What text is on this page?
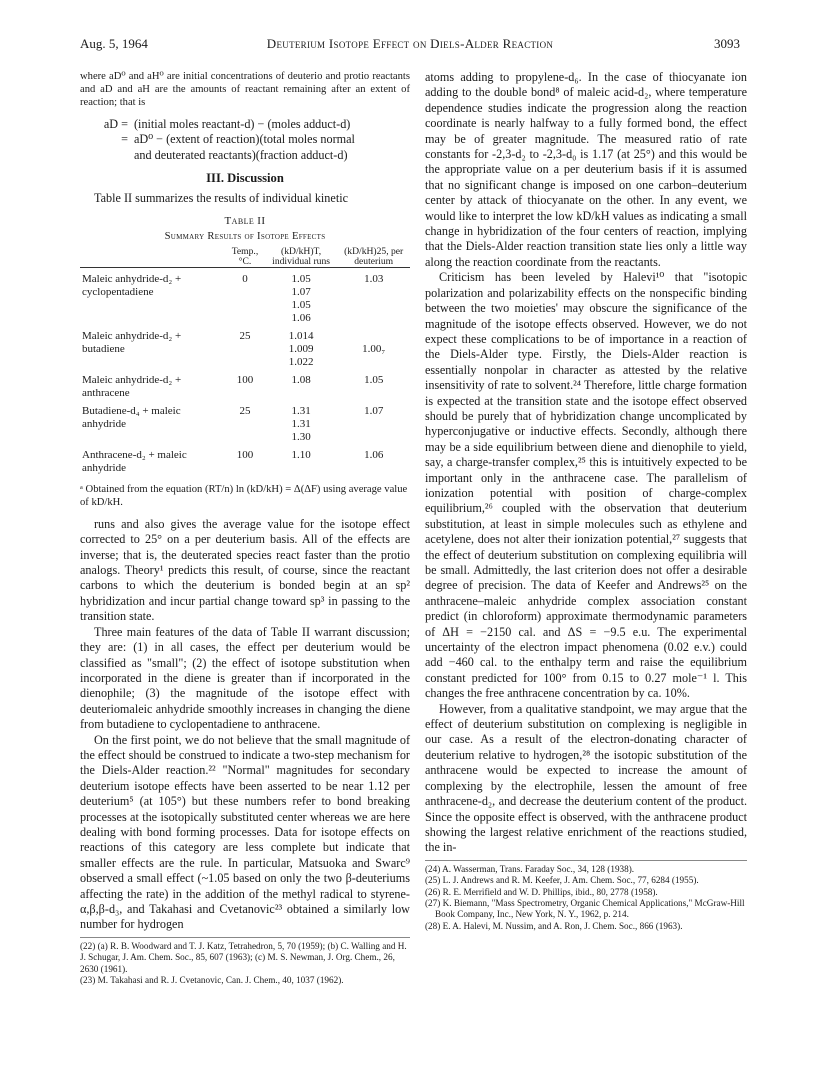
Aug. 5, 1964	Deuterium Isotope Effect on Diels-Alder Reaction	3093

where aD⁰ and aH⁰ are initial concentrations of deuterio and protio reactants and aD and aH are the amounts of reactant remaining after an extent of reaction; that is

aD = (initial moles reactant-d) − (moles adduct-d)
= aD⁰ − (extent of reaction)(total moles normal
and deuterated reactants)(fraction adduct-d)
III. Discussion

Table II summarizes the results of individual kinetic

Table II
Summary Results of Isotope Effects
	Temp., °C.	(kD/kH)T, individual runs	(kD/kH)25, per deuterium
Maleic anhydride-d₂ +	0	1.05	1.03
cyclopentadiene		1.07	
		1.05	
		1.06	
Maleic anhydride-d₂ +	25	1.014	
butadiene		1.009	1.00₇
		1.022	
Maleic anhydride-d₂ +	100	1.08	1.05
anthracene			
Butadiene-d₄ + maleic	25	1.31	1.07
anhydride		1.31	
		1.30	
Anthracene-d₂ + maleic	100	1.10	1.06
anhydride			
ᵃ Obtained from the equation (RT/n) ln (kD/kH) = Δ(ΔF) using average value of kD/kH.

runs and also gives the average value for the isotope effect corrected to 25° on a per deuterium basis. All of the effects are inverse; that is, the deuterated species react faster than the protio analogs. Theory¹ predicts this result, of course, since the reactant carbons to which the deuterium is bonded begin at an sp² hybridization and incur partial change toward sp³ in passing to the transition state.

Three main features of the data of Table II warrant discussion; they are: (1) in all cases, the effect per deuterium would be classified as "small"; (2) the effect of isotope substitution when incorporated in the diene is greater than if incorporated in the dienophile; (3) the magnitude of the isotope effect with deuteriomaleic anhydride smoothly increases in changing the diene from butadiene to cyclopentadiene to anthracene.

On the first point, we do not believe that the small magnitude of the effect should be construed to indicate a two-step mechanism for the Diels-Alder reaction.²² "Normal" magnitudes for secondary deuterium isotope effects have been asserted to be near 1.12 per deuterium⁵ (at 105°) but these numbers refer to bond breaking processes at the isotopically substituted center whereas we are here dealing with bond forming processes. Data for isotope effects on reactions of this category are less complete but indicate that smaller effects are the rule. In particular, Matsuoka and Swarc⁹ observed a small effect (~1.05 based on only the two β-deuteriums affecting the rate) in the addition of the methyl radical to styrene-α,β,β-d₃, and Takahasi and Cvetanovic²³ obtained a similarly low number for hydrogen

(22) (a) R. B. Woodward and T. J. Katz, Tetrahedron, 5, 70 (1959); (b) C. Walling and H. J. Schugar, J. Am. Chem. Soc., 85, 607 (1963); (c) M. S. Newman, J. Org. Chem., 26, 2630 (1961).

(23) M. Takahasi and R. J. Cvetanovic, Can. J. Chem., 40, 1037 (1962).

atoms adding to propylene-d₆. In the case of thiocyanate ion adding to the double bond⁸ of maleic acid-d₂, where temperature dependence studies indicate the progression along the reaction coordinate is nearly halfway to a fully formed bond, the effect may be of greater magnitude. The measured ratio of rate constants for -2,3-d₂ to -2,3-d₀ is 1.17 (at 25°) and this would be the appropriate value on a per deuterium basis if it is assumed that no significant change is imposed on one carbon–deuterium center by attack of thiocyanate on the other. In any event, we would like to interpret the low kD/kH values as indicating a small change in hybridization of the four centers of reaction, implying that the Diels-Alder reaction transition state lies only a little way along the reaction coordinate from the reactants.

Criticism has been leveled by Halevi¹⁰ that "isotopic polarization and polarizability effects on the nonspecific binding between the two moieties' may obscure the significance of the magnitude of the isotope effects observed. However, we do not expect these complications to be of importance in a reaction of the Diels-Alder type. Firstly, the Diels-Alder reaction is essentially nonpolar in character as attested by the relative insensitivity of rate to solvent.²⁴ Therefore, little charge formation is expected at the transition state and the isotope effect observed should be purely that of hybridization change uncomplicated by hyperconjugative or inductive effects. Secondly, although there may be a side equilibrium between diene and dienophile to yield, say, a charge-transfer complex,²⁵ this is intuitively expected to be important only in the anthracene case. The parallelism of ionization potential with position of charge-complex equilibrium,²⁶ coupled with the observation that deuterium substitution, at least in simple molecules such as ethylene and acetylene, does not alter their ionization potential,²⁷ suggests that the effect of deuterium substitution on complexing equilibria will be small. Admittedly, the last criterion does not offer a desirable degree of precision. The data of Keefer and Andrews²⁵ on the anthracene–maleic anhydride complex association constant predict (in chloroform) approximate thermodynamic parameters of ΔH = −2150 cal. and ΔS = −9.5 e.u. The experimental uncertainty of the electron impact phenomena (0.02 e.v.) could add −460 cal. to the enthalpy term and raise the equilibrium constant predicted for 100° from 0.15 to 0.27 mole⁻¹ l. This changes the free anthracene concentration by ca. 10%.

However, from a qualitative standpoint, we may argue that the effect of deuterium substitution on complexing is negligible in our case. As a result of the electron-donating character of deuterium relative to hydrogen,²⁸ the isotopic substitution of the anthracene would be expected to increase the amount of complexing by the electrophile, lessen the amount of free anthracene-d₂, and decrease the deuterium content of the product. Since the opposite effect is observed, with the anthracene product showing the largest relative enrichment of the reactions studied, the in-

(24) A. Wasserman, Trans. Faraday Soc., 34, 128 (1938).

(25) L. J. Andrews and R. M. Keefer, J. Am. Chem. Soc., 77, 6284 (1955).

(26) R. E. Merrifield and W. D. Phillips, ibid., 80, 2778 (1958).

(27) K. Biemann, "Mass Spectrometry, Organic Chemical Applications," McGraw-Hill Book Company, Inc., New York, N. Y., 1962, p. 214.

(28) E. A. Halevi, M. Nussim, and A. Ron, J. Chem. Soc., 866 (1963).
